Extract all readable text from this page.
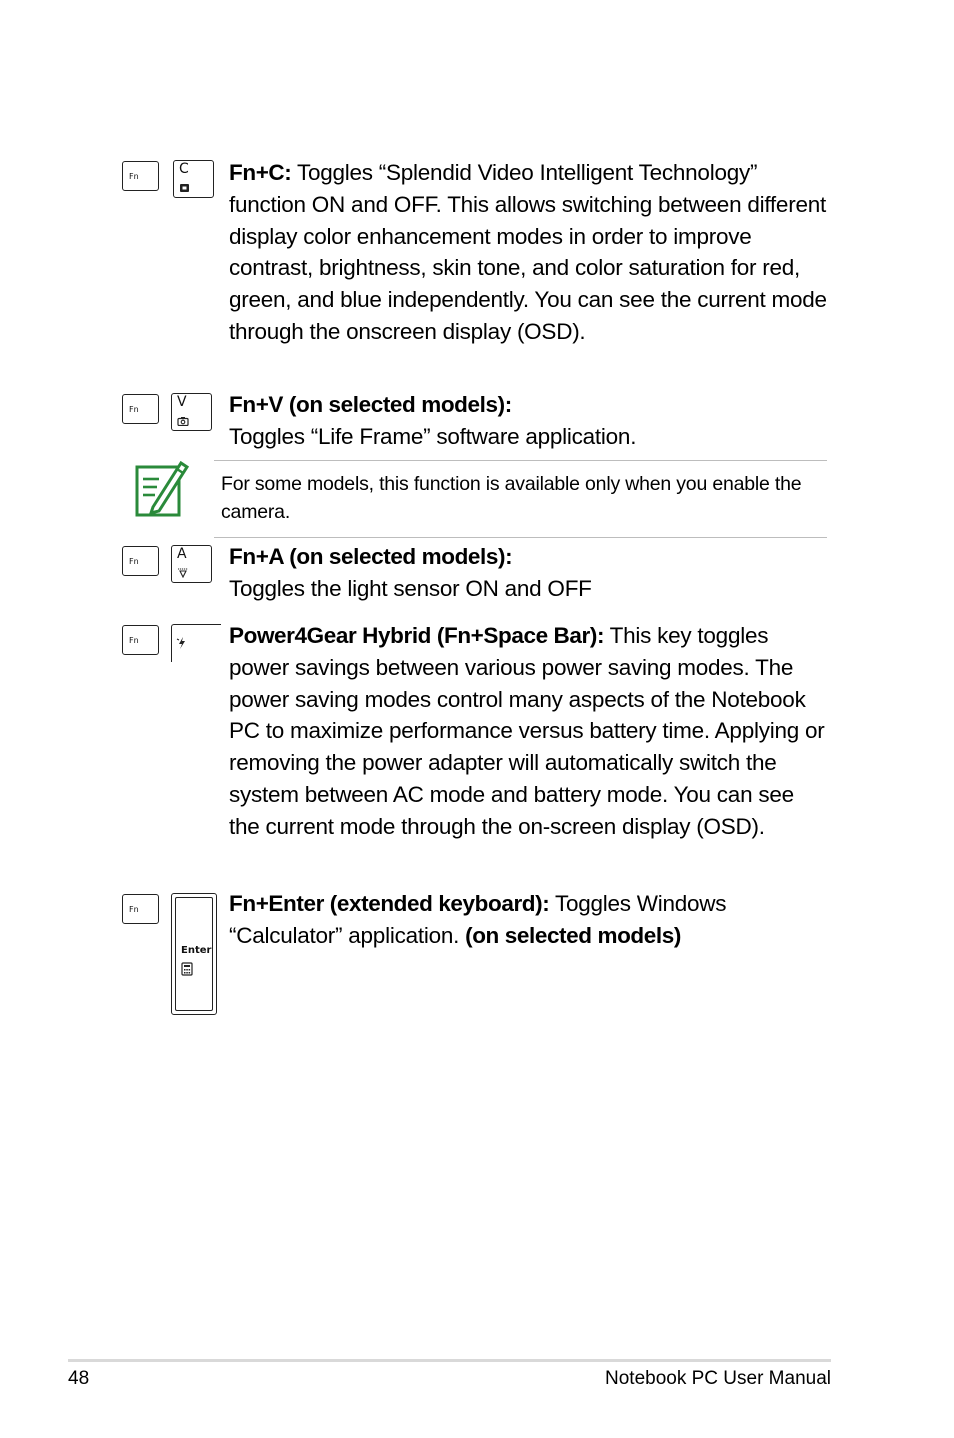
Fn	C Fn+C: Toggles “Splendid Video Intelligent Technology” function ON and OFF. This allows switching between different display color enhancement modes in order to improve contrast, brightness, skin tone, and color saturation for red, green, and blue independently. You can see the current mode through the onscreen display (OSD).
Fn	V Fn+V (on selected models):
Toggles “Life Frame” software application.
For some models, this function is available only when you enable the camera.
Fn	A Fn+A (on selected models):
Toggles the light sensor ON and OFF
Fn	Power4Gear Hybrid (Fn+Space Bar): This key toggles power savings between various power saving modes. The power saving modes control many aspects of the Notebook PC to maximize performance versus battery time. Applying or removing the power adapter will automatically switch the system between AC mode and battery mode. You can see the current mode through the on-screen display (OSD).
Fn
Enter
Fn+Enter (extended keyboard): Toggles Windows “Calculator” application. (on selected models)
48	Notebook PC User Manual
